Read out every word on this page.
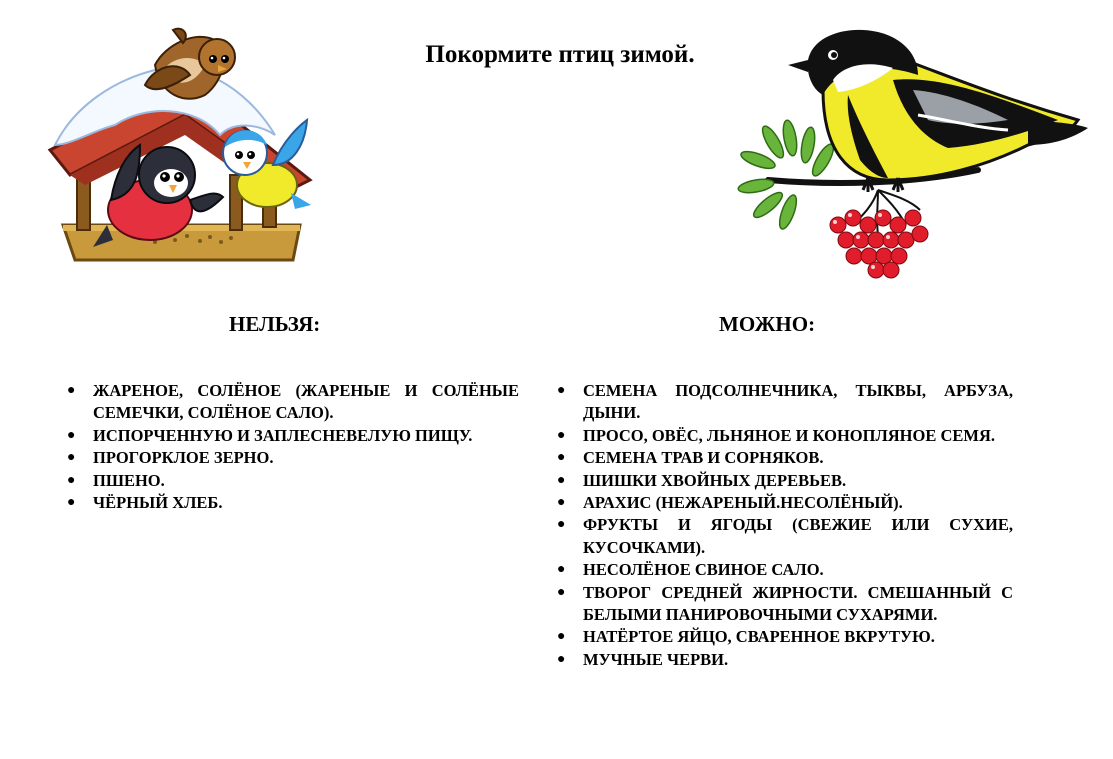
Покормите птиц зимой.
НЕЛЬЗЯ:	МОЖНО:
● ЖАРЕНОЕ, СОЛЁНОЕ (ЖАРЕНЫЕ И СОЛЁНЫЕ СЕМЕЧКИ, СОЛЁНОЕ САЛО).
● ИСПОРЧЕННУЮ И ЗАПЛЕСНЕВЕЛУЮ ПИЩУ.
● ПРОГОРКЛОЕ ЗЕРНО.
● ПШЕНО.
● ЧЁРНЫЙ ХЛЕБ.
● СЕМЕНА ПОДСОЛНЕЧНИКА, ТЫКВЫ, АРБУЗА, ДЫНИ.
● ПРОСО, ОВЁС, ЛЬНЯНОЕ И КОНОПЛЯНОЕ СЕМЯ.
● СЕМЕНА ТРАВ И СОРНЯКОВ.
● ШИШКИ ХВОЙНЫХ ДЕРЕВЬЕВ.
● АРАХИС (НЕЖАРЕНЫЙ.НЕСОЛЁНЫЙ).
● ФРУКТЫ И ЯГОДЫ (СВЕЖИЕ ИЛИ СУХИЕ, КУСОЧКАМИ).
● НЕСОЛЁНОЕ СВИНОЕ САЛО.
● ТВОРОГ СРЕДНЕЙ ЖИРНОСТИ. СМЕШАННЫЙ С БЕЛЫМИ ПАНИРОВОЧНЫМИ СУХАРЯМИ.
● НАТЁРТОЕ ЯЙЦО, СВАРЕННОЕ ВКРУТУЮ.
● МУЧНЫЕ ЧЕРВИ.
